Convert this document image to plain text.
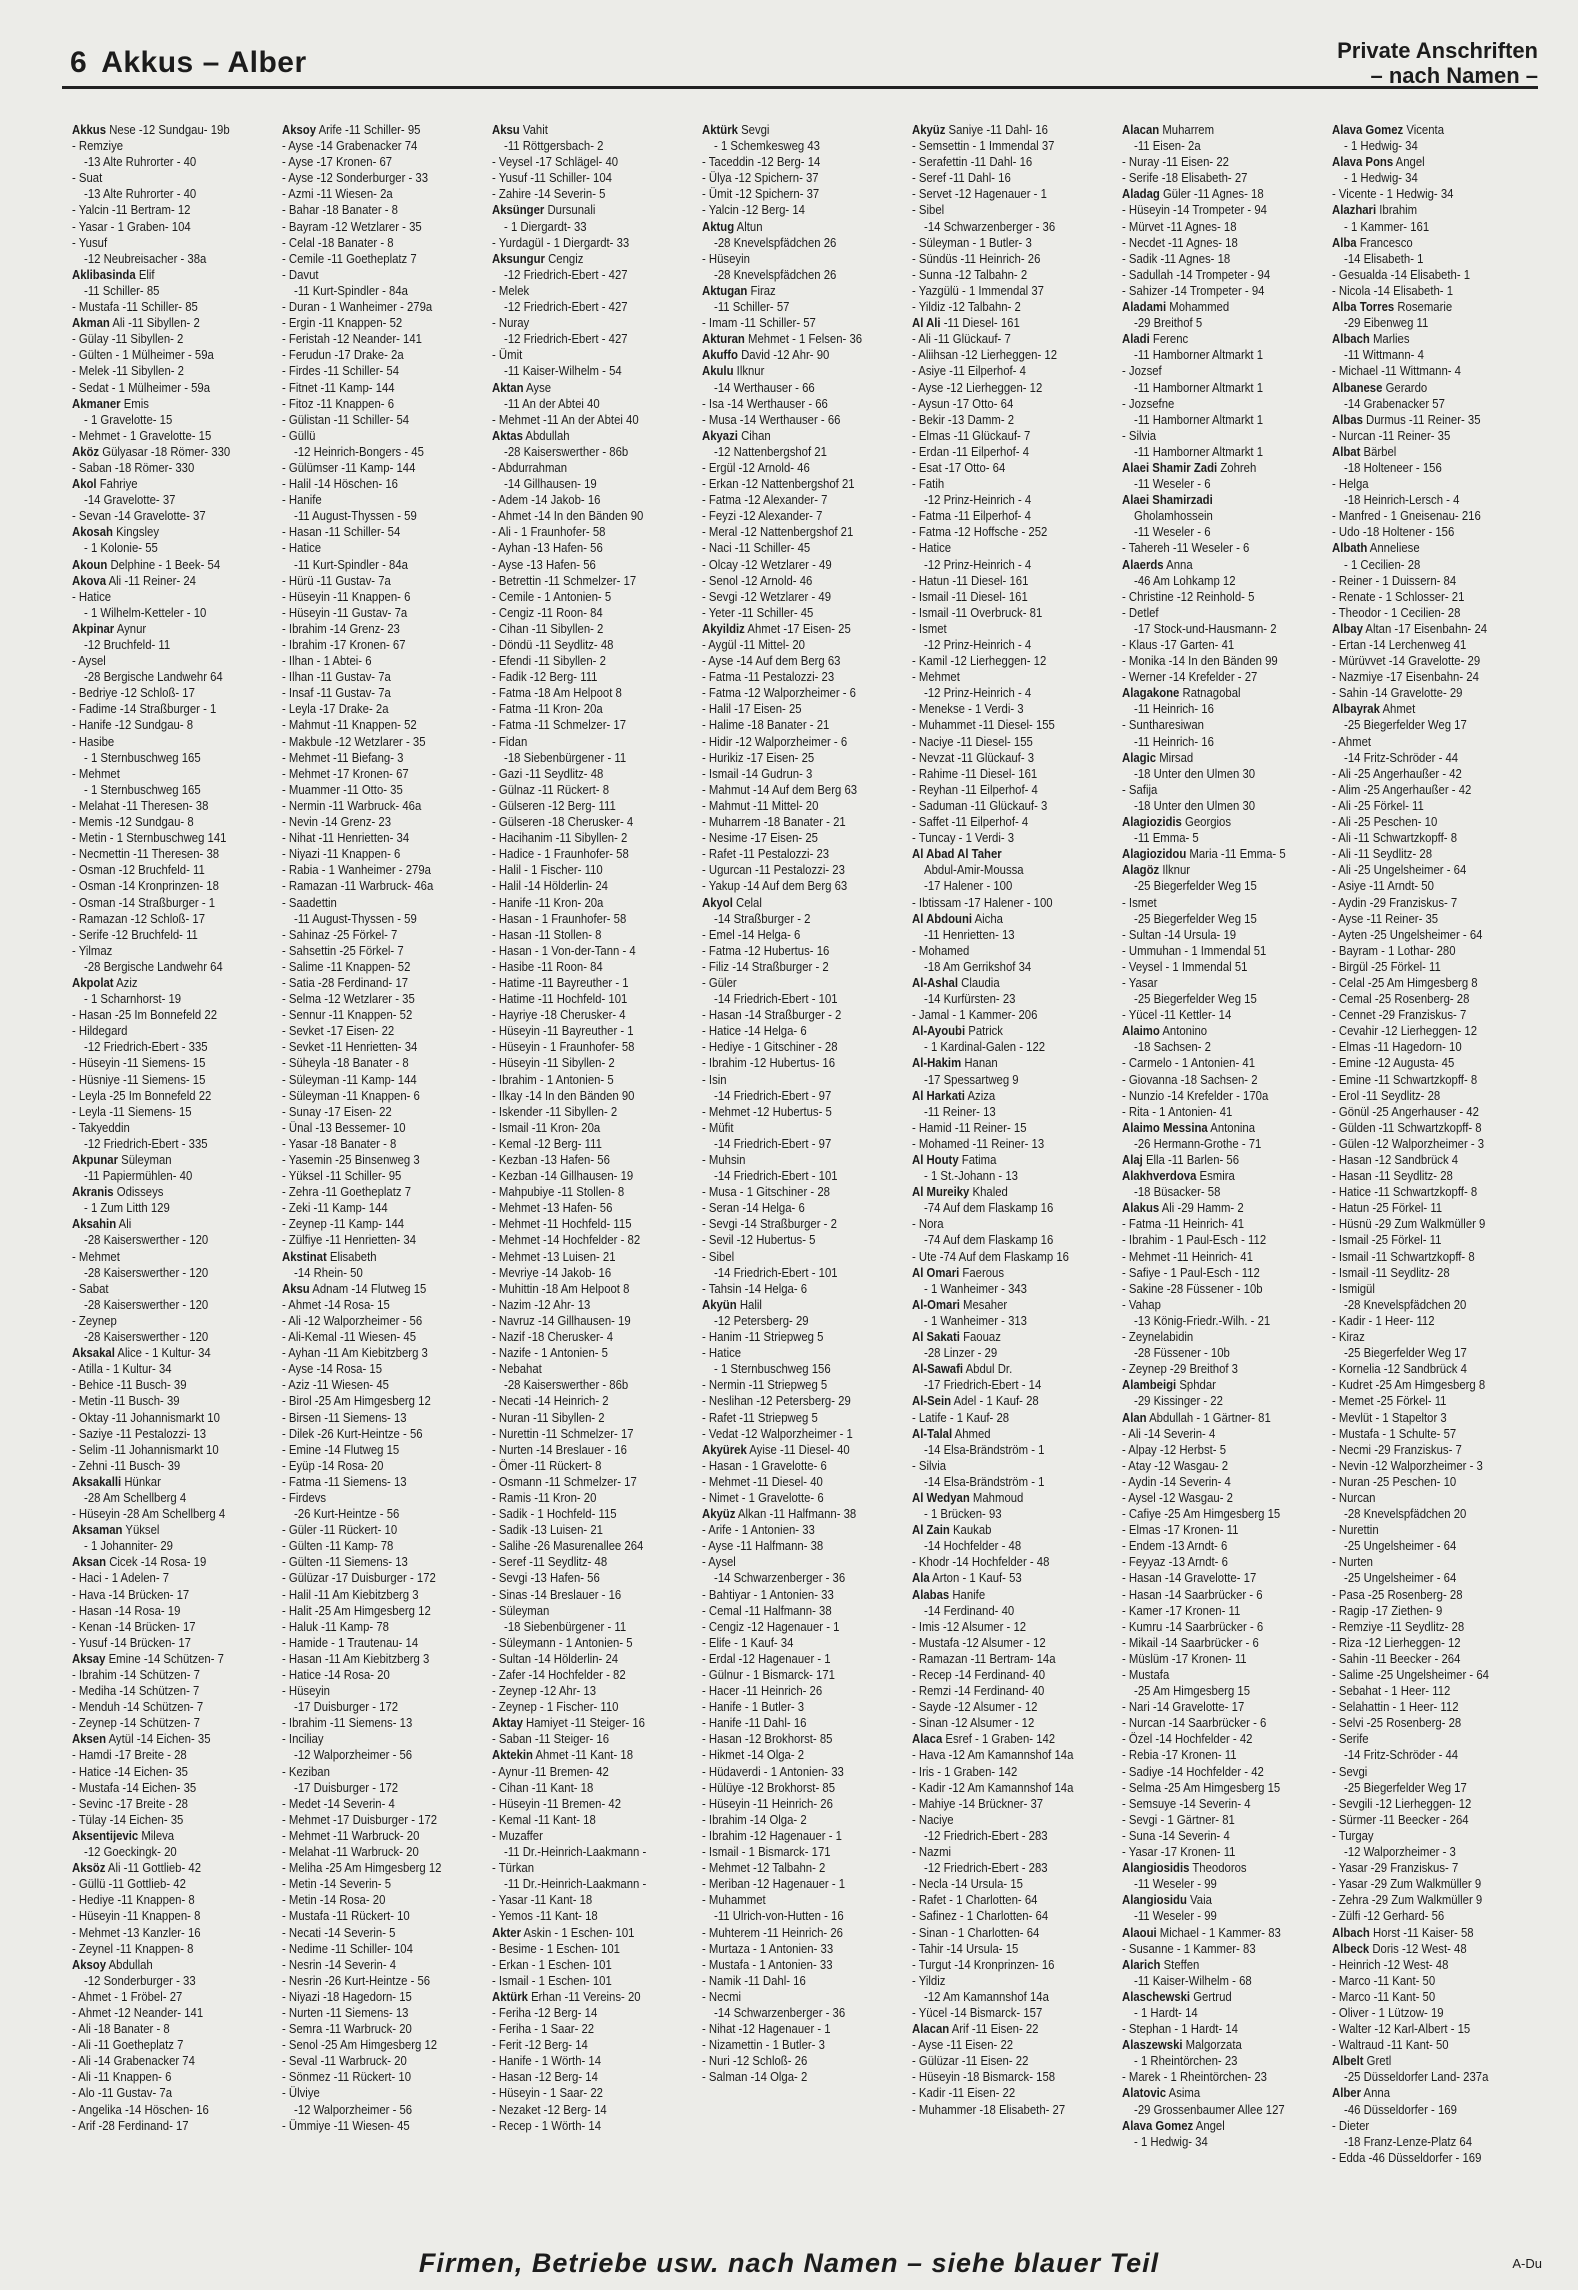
6 Akkus – Alber	Private Anschriften
– nach Namen –
Akkus Nese -12 Sundgau- 19b
- Remziye
-13 Alte Ruhrorter - 40
- Suat
-13 Alte Ruhrorter - 40
- Yalcin -11 Bertram- 12
- Yasar - 1 Graben- 104
- Yusuf
-12 Neubreisacher - 38a
Aklibasinda Elif
-11 Schiller- 85
- Mustafa -11 Schiller- 85
Akman Ali -11 Sibyllen- 2
- Gülay -11 Sibyllen- 2
- Gülten - 1 Mülheimer - 59a
- Melek -11 Sibyllen- 2
- Sedat - 1 Mülheimer - 59a
Akmaner Emis
- 1 Gravelotte- 15
- Mehmet - 1 Gravelotte- 15
Aköz Gülyasar -18 Römer- 330
- Saban -18 Römer- 330
Akol Fahriye
-14 Gravelotte- 37
- Sevan -14 Gravelotte- 37
Akosah Kingsley
- 1 Kolonie- 55
Akoun Delphine - 1 Beek- 54
Akova Ali -11 Reiner- 24
- Hatice
- 1 Wilhelm-Ketteler - 10
Akpinar Aynur
-12 Bruchfeld- 11
- Aysel
-28 Bergische Landwehr 64
- Bedriye -12 Schloß- 17
- Fadime -14 Straßburger - 1
- Hanife -12 Sundgau- 8
- Hasibe
- 1 Sternbuschweg 165
- Mehmet
- 1 Sternbuschweg 165
- Melahat -11 Theresen- 38
- Memis -12 Sundgau- 8
- Metin - 1 Sternbuschweg 141
- Necmettin -11 Theresen- 38
- Osman -12 Bruchfeld- 11
- Osman -14 Kronprinzen- 18
- Osman -14 Straßburger - 1
- Ramazan -12 Schloß- 17
- Serife -12 Bruchfeld- 11
- Yilmaz
-28 Bergische Landwehr 64
Akpolat Aziz
- 1 Scharnhorst- 19
- Hasan -25 Im Bonnefeld 22
- Hildegard
-12 Friedrich-Ebert - 335
- Hüseyin -11 Siemens- 15
- Hüsniye -11 Siemens- 15
- Leyla -25 Im Bonnefeld 22
- Leyla -11 Siemens- 15
- Takyeddin
-12 Friedrich-Ebert - 335
Akpunar Süleyman
-11 Papiermühlen- 40
Akranis Odisseys
- 1 Zum Litth 129
Aksahin Ali
-28 Kaiserswerther - 120
- Mehmet
-28 Kaiserswerther - 120
- Sabat
-28 Kaiserswerther - 120
- Zeynep
-28 Kaiserswerther - 120
Aksakal Alice - 1 Kultur- 34
- Atilla - 1 Kultur- 34
- Behice -11 Busch- 39
- Metin -11 Busch- 39
- Oktay -11 Johannismarkt 10
- Saziye -11 Pestalozzi- 13
- Selim -11 Johannismarkt 10
- Zehni -11 Busch- 39
Aksakalli Hünkar
-28 Am Schellberg 4
- Hüseyin -28 Am Schellberg 4
Aksaman Yüksel
- 1 Johanniter- 29
Aksan Cicek -14 Rosa- 19
- Haci - 1 Adelen- 7
- Hava -14 Brücken- 17
- Hasan -14 Rosa- 19
- Kenan -14 Brücken- 17
- Yusuf -14 Brücken- 17
Aksay Emine -14 Schützen- 7
- Ibrahim -14 Schützen- 7
- Mediha -14 Schützen- 7
- Menduh -14 Schützen- 7
- Zeynep -14 Schützen- 7
Aksen Aytül -14 Eichen- 35
- Hamdi -17 Breite - 28
- Hatice -14 Eichen- 35
- Mustafa -14 Eichen- 35
- Sevinc -17 Breite - 28
- Tülay -14 Eichen- 35
Aksentijevic Mileva
-12 Goeckingk- 20
Aksöz Ali -11 Gottlieb- 42
- Güllü -11 Gottlieb- 42
- Hediye -11 Knappen- 8
- Hüseyin -11 Knappen- 8
- Mehmet -13 Kanzler- 16
- Zeynel -11 Knappen- 8
Aksoy Abdullah
-12 Sonderburger - 33
- Ahmet - 1 Fröbel- 27
- Ahmet -12 Neander- 141
- Ali -18 Banater - 8
- Ali -11 Goetheplatz 7
- Ali -14 Grabenacker 74
- Ali -11 Knappen- 6
- Alo -11 Gustav- 7a
- Angelika -14 Höschen- 16
- Arif -28 Ferdinand- 17
Aksoy Arife -11 Schiller- 95
- Ayse -14 Grabenacker 74
- Ayse -17 Kronen- 67
- Ayse -12 Sonderburger - 33
- Azmi -11 Wiesen- 2a
- Bahar -18 Banater - 8
- Bayram -12 Wetzlarer - 35
- Celal -18 Banater - 8
- Cemile -11 Goetheplatz 7
- Davut
-11 Kurt-Spindler - 84a
- Duran - 1 Wanheimer - 279a
- Ergin -11 Knappen- 52
- Feristah -12 Neander- 141
- Ferudun -17 Drake- 2a
- Firdes -11 Schiller- 54
- Fitnet -11 Kamp- 144
- Fitoz -11 Knappen- 6
- Gülistan -11 Schiller- 54
- Güllü
-12 Heinrich-Bongers - 45
- Gülümser -11 Kamp- 144
- Halil -14 Höschen- 16
- Hanife
-11 August-Thyssen - 59
- Hasan -11 Schiller- 54
- Hatice
-11 Kurt-Spindler - 84a
- Hürü -11 Gustav- 7a
- Hüseyin -11 Knappen- 6
- Hüseyin -11 Gustav- 7a
- Ibrahim -14 Grenz- 23
- Ibrahim -17 Kronen- 67
- Ilhan - 1 Abtei- 6
- Ilhan -11 Gustav- 7a
- Insaf -11 Gustav- 7a
- Leyla -17 Drake- 2a
- Mahmut -11 Knappen- 52
- Makbule -12 Wetzlarer - 35
- Mehmet -11 Biefang- 3
- Mehmet -17 Kronen- 67
- Muammer -11 Otto- 35
- Nermin -11 Warbruck- 46a
- Nevin -14 Grenz- 23
- Nihat -11 Henrietten- 34
- Niyazi -11 Knappen- 6
- Rabia - 1 Wanheimer - 279a
- Ramazan -11 Warbruck- 46a
- Saadettin
-11 August-Thyssen - 59
- Sahinaz -25 Förkel- 7
- Sahsettin -25 Förkel- 7
- Salime -11 Knappen- 52
- Satia -28 Ferdinand- 17
- Selma -12 Wetzlarer - 35
- Sennur -11 Knappen- 52
- Sevket -17 Eisen- 22
- Sevket -11 Henrietten- 34
- Süheyla -18 Banater - 8
- Süleyman -11 Kamp- 144
- Süleyman -11 Knappen- 6
- Sunay -17 Eisen- 22
- Ünal -13 Bessemer- 10
- Yasar -18 Banater - 8
- Yasemin -25 Binsenweg 3
- Yüksel -11 Schiller- 95
- Zehra -11 Goetheplatz 7
- Zeki -11 Kamp- 144
- Zeynep -11 Kamp- 144
- Zülfiye -11 Henrietten- 34
Akstinat Elisabeth
-14 Rhein- 50
Aksu Adnam -14 Flutweg 15
- Ahmet -14 Rosa- 15
- Ali -12 Walporzheimer - 56
- Ali-Kemal -11 Wiesen- 45
- Ayhan -11 Am Kiebitzberg 3
- Ayse -14 Rosa- 15
- Aziz -11 Wiesen- 45
- Birol -25 Am Himgesberg 12
- Birsen -11 Siemens- 13
- Dilek -26 Kurt-Heintze - 56
- Emine -14 Flutweg 15
- Eyüp -14 Rosa- 20
- Fatma -11 Siemens- 13
- Firdevs
-26 Kurt-Heintze - 56
- Güler -11 Rückert- 10
- Gülten -11 Kamp- 78
- Gülten -11 Siemens- 13
- Gülüzar -17 Duisburger - 172
- Halil -11 Am Kiebitzberg 3
- Halit -25 Am Himgesberg 12
- Haluk -11 Kamp- 78
- Hamide - 1 Trautenau- 14
- Hasan -11 Am Kiebitzberg 3
- Hatice -14 Rosa- 20
- Hüseyin
-17 Duisburger - 172
- Ibrahim -11 Siemens- 13
- Inciliay
-12 Walporzheimer - 56
- Keziban
-17 Duisburger - 172
- Medet -14 Severin- 4
- Mehmet -17 Duisburger - 172
- Mehmet -11 Warbruck- 20
- Melahat -11 Warbruck- 20
- Meliha -25 Am Himgesberg 12
- Metin -14 Severin- 5
- Metin -14 Rosa- 20
- Mustafa -11 Rückert- 10
- Necati -14 Severin- 5
- Nedime -11 Schiller- 104
- Nesrin -14 Severin- 4
- Nesrin -26 Kurt-Heintze - 56
- Niyazi -18 Hagedorn- 15
- Nurten -11 Siemens- 13
- Semra -11 Warbruck- 20
- Senol -25 Am Himgesberg 12
- Seval -11 Warbruck- 20
- Sönmez -11 Rückert- 10
- Ülviye
-12 Walporzheimer - 56
- Ümmiye -11 Wiesen- 45
Aksu Vahit
-11 Röttgersbach- 2
- Veysel -17 Schlägel- 40
- Yusuf -11 Schiller- 104
- Zahire -14 Severin- 5
Aksünger Dursunali
- 1 Diergardt- 33
- Yurdagül - 1 Diergardt- 33
Aksungur Cengiz
-12 Friedrich-Ebert - 427
- Melek
-12 Friedrich-Ebert - 427
- Nuray
-12 Friedrich-Ebert - 427
- Ümit
-11 Kaiser-Wilhelm - 54
Aktan Ayse
-11 An der Abtei 40
- Mehmet -11 An der Abtei 40
Aktas Abdullah
-28 Kaiserswerther - 86b
- Abdurrahman
-14 Gillhausen- 19
- Adem -14 Jakob- 16
- Ahmet -14 In den Bänden 90
- Ali - 1 Fraunhofer- 58
- Ayhan -13 Hafen- 56
- Ayse -13 Hafen- 56
- Betrettin -11 Schmelzer- 17
- Cemile - 1 Antonien- 5
- Cengiz -11 Roon- 84
- Cihan -11 Sibyllen- 2
- Döndü -11 Seydlitz- 48
- Efendi -11 Sibyllen- 2
- Fadik -12 Berg- 111
- Fatma -18 Am Helpoot 8
- Fatma -11 Kron- 20a
- Fatma -11 Schmelzer- 17
- Fidan
-18 Siebenbürgener - 11
- Gazi -11 Seydlitz- 48
- Gülnaz -11 Rückert- 8
- Gülseren -12 Berg- 111
- Gülseren -18 Cherusker- 4
- Hacihanim -11 Sibyllen- 2
- Hadice - 1 Fraunhofer- 58
- Halil - 1 Fischer- 110
- Halil -14 Hölderlin- 24
- Hanife -11 Kron- 20a
- Hasan - 1 Fraunhofer- 58
- Hasan -11 Stollen- 8
- Hasan - 1 Von-der-Tann - 4
- Hasibe -11 Roon- 84
- Hatime -11 Bayreuther - 1
- Hatime -11 Hochfeld- 101
- Hayriye -18 Cherusker- 4
- Hüseyin -11 Bayreuther - 1
- Hüseyin - 1 Fraunhofer- 58
- Hüseyin -11 Sibyllen- 2
- Ibrahim - 1 Antonien- 5
- Ilkay -14 In den Bänden 90
- Iskender -11 Sibyllen- 2
- Ismail -11 Kron- 20a
- Kemal -12 Berg- 111
- Kezban -13 Hafen- 56
- Kezban -14 Gillhausen- 19
- Mahpubiye -11 Stollen- 8
- Mehmet -13 Hafen- 56
- Mehmet -11 Hochfeld- 115
- Mehmet -14 Hochfelder - 82
- Mehmet -13 Luisen- 21
- Mevriye -14 Jakob- 16
- Muhittin -18 Am Helpoot 8
- Nazim -12 Ahr- 13
- Navruz -14 Gillhausen- 19
- Nazif -18 Cherusker- 4
- Nazife - 1 Antonien- 5
- Nebahat
-28 Kaiserswerther - 86b
- Necati -14 Heinrich- 2
- Nuran -11 Sibyllen- 2
- Nurettin -11 Schmelzer- 17
- Nurten -14 Breslauer - 16
- Ömer -11 Rückert- 8
- Osmann -11 Schmelzer- 17
- Ramis -11 Kron- 20
- Sadik - 1 Hochfeld- 115
- Sadik -13 Luisen- 21
- Salihe -26 Masurenallee 264
- Seref -11 Seydlitz- 48
- Sevgi -13 Hafen- 56
- Sinas -14 Breslauer - 16
- Süleyman
-18 Siebenbürgener - 11
- Süleymann - 1 Antonien- 5
- Sultan -14 Hölderlin- 24
- Zafer -14 Hochfelder - 82
- Zeynep -12 Ahr- 13
- Zeynep - 1 Fischer- 110
Aktay Hamiyet -11 Steiger- 16
- Saban -11 Steiger- 16
Aktekin Ahmet -11 Kant- 18
- Aynur -11 Bremen- 42
- Cihan -11 Kant- 18
- Hüseyin -11 Bremen- 42
- Kemal -11 Kant- 18
- Muzaffer
-11 Dr.-Heinrich-Laakmann -
- Türkan
-11 Dr.-Heinrich-Laakmann -
- Yasar -11 Kant- 18
- Yemos -11 Kant- 18
Akter Askin - 1 Eschen- 101
- Besime - 1 Eschen- 101
- Erkan - 1 Eschen- 101
- Ismail - 1 Eschen- 101
Aktürk Erhan -11 Vereins- 20
- Feriha -12 Berg- 14
- Feriha - 1 Saar- 22
- Ferit -12 Berg- 14
- Hanife - 1 Wörth- 14
- Hasan -12 Berg- 14
- Hüseyin - 1 Saar- 22
- Nezaket -12 Berg- 14
- Recep - 1 Wörth- 14
Aktürk Sevgi
- 1 Schemkesweg 43
- Taceddin -12 Berg- 14
- Ülya -12 Spichern- 37
- Ümit -12 Spichern- 37
- Yalcin -12 Berg- 14
Aktug Altun
-28 Knevelspfädchen 26
- Hüseyin
-28 Knevelspfädchen 26
Aktugan Firaz
-11 Schiller- 57
- Imam -11 Schiller- 57
Akturan Mehmet - 1 Felsen- 36
Akuffo David -12 Ahr- 90
Akulu Ilknur
-14 Werthauser - 66
- Isa -14 Werthauser - 66
- Musa -14 Werthauser - 66
Akyazi Cihan
-12 Nattenbergshof 21
- Ergül -12 Arnold- 46
- Erkan -12 Nattenbergshof 21
- Fatma -12 Alexander- 7
- Feyzi -12 Alexander- 7
- Meral -12 Nattenbergshof 21
- Naci -11 Schiller- 45
- Olcay -12 Wetzlarer - 49
- Senol -12 Arnold- 46
- Sevgi -12 Wetzlarer - 49
- Yeter -11 Schiller- 45
Akyildiz Ahmet -17 Eisen- 25
- Aygül -11 Mittel- 20
- Ayse -14 Auf dem Berg 63
- Fatma -11 Pestalozzi- 23
- Fatma -12 Walporzheimer - 6
- Halil -17 Eisen- 25
- Halime -18 Banater - 21
- Hidir -12 Walporzheimer - 6
- Hurikiz -17 Eisen- 25
- Ismail -14 Gudrun- 3
- Mahmut -14 Auf dem Berg 63
- Mahmut -11 Mittel- 20
- Muharrem -18 Banater - 21
- Nesime -17 Eisen- 25
- Rafet -11 Pestalozzi- 23
- Ugurcan -11 Pestalozzi- 23
- Yakup -14 Auf dem Berg 63
Akyol Celal
-14 Straßburger - 2
- Emel -14 Helga- 6
- Fatma -12 Hubertus- 16
- Filiz -14 Straßburger - 2
- Güler
-14 Friedrich-Ebert - 101
- Hasan -14 Straßburger - 2
- Hatice -14 Helga- 6
- Hediye - 1 Gitschiner - 28
- Ibrahim -12 Hubertus- 16
- Isin
-14 Friedrich-Ebert - 97
- Mehmet -12 Hubertus- 5
- Müfit
-14 Friedrich-Ebert - 97
- Muhsin
-14 Friedrich-Ebert - 101
- Musa - 1 Gitschiner - 28
- Seran -14 Helga- 6
- Sevgi -14 Straßburger - 2
- Sevil -12 Hubertus- 5
- Sibel
-14 Friedrich-Ebert - 101
- Tahsin -14 Helga- 6
Akyün Halil
-12 Petersberg- 29
- Hanim -11 Striepweg 5
- Hatice
- 1 Sternbuschweg 156
- Nermin -11 Striepweg 5
- Neslihan -12 Petersberg- 29
- Rafet -11 Striepweg 5
- Vedat -12 Walporzheimer - 1
Akyürek Ayise -11 Diesel- 40
- Hasan - 1 Gravelotte- 6
- Mehmet -11 Diesel- 40
- Nimet - 1 Gravelotte- 6
Akyüz Alkan -11 Halfmann- 38
- Arife - 1 Antonien- 33
- Ayse -11 Halfmann- 38
- Aysel
-14 Schwarzenberger - 36
- Bahtiyar - 1 Antonien- 33
- Cemal -11 Halfmann- 38
- Cengiz -12 Hagenauer - 1
- Elife - 1 Kauf- 34
- Erdal -12 Hagenauer - 1
- Gülnur - 1 Bismarck- 171
- Hacer -11 Heinrich- 26
- Hanife - 1 Butler- 3
- Hanife -11 Dahl- 16
- Hasan -12 Brokhorst- 85
- Hikmet -14 Olga- 2
- Hüdaverdi - 1 Antonien- 33
- Hülüye -12 Brokhorst- 85
- Hüseyin -11 Heinrich- 26
- Ibrahim -14 Olga- 2
- Ibrahim -12 Hagenauer - 1
- Ismail - 1 Bismarck- 171
- Mehmet -12 Talbahn- 2
- Meriban -12 Hagenauer - 1
- Muhammet
-11 Ulrich-von-Hutten - 16
- Muhterem -11 Heinrich- 26
- Murtaza - 1 Antonien- 33
- Mustafa - 1 Antonien- 33
- Namik -11 Dahl- 16
- Necmi
-14 Schwarzenberger - 36
- Nihat -12 Hagenauer - 1
- Nizamettin - 1 Butler- 3
- Nuri -12 Schloß- 26
- Salman -14 Olga- 2
Akyüz Saniye -11 Dahl- 16
- Semsettin - 1 Immendal 37
- Serafettin -11 Dahl- 16
- Seref -11 Dahl- 16
- Servet -12 Hagenauer - 1
- Sibel
-14 Schwarzenberger - 36
- Süleyman - 1 Butler- 3
- Sündüs -11 Heinrich- 26
- Sunna -12 Talbahn- 2
- Yazgülü - 1 Immendal 37
- Yildiz -12 Talbahn- 2
Al Ali -11 Diesel- 161
- Ali -11 Glückauf- 7
- Aliihsan -12 Lierheggen- 12
- Asiye -11 Eilperhof- 4
- Ayse -12 Lierheggen- 12
- Aysun -17 Otto- 64
- Bekir -13 Damm- 2
- Elmas -11 Glückauf- 7
- Erdan -11 Eilperhof- 4
- Esat -17 Otto- 64
- Fatih
-12 Prinz-Heinrich - 4
- Fatma -11 Eilperhof- 4
- Fatma -12 Hoffsche - 252
- Hatice
-12 Prinz-Heinrich - 4
- Hatun -11 Diesel- 161
- Ismail -11 Diesel- 161
- Ismail -11 Overbruck- 81
- Ismet
-12 Prinz-Heinrich - 4
- Kamil -12 Lierheggen- 12
- Mehmet
-12 Prinz-Heinrich - 4
- Menekse - 1 Verdi- 3
- Muhammet -11 Diesel- 155
- Naciye -11 Diesel- 155
- Nevzat -11 Glückauf- 3
- Rahime -11 Diesel- 161
- Reyhan -11 Eilperhof- 4
- Saduman -11 Glückauf- 3
- Saffet -11 Eilperhof- 4
- Tuncay - 1 Verdi- 3
Al Abad Al Taher
Abdul-Amir-Moussa
-17 Halener - 100
- Ibtissam -17 Halener - 100
Al Abdouni Aicha
-11 Henrietten- 13
- Mohamed
-18 Am Gerrikshof 34
Al-Ashal Claudia
-14 Kurfürsten- 23
- Jamal - 1 Kammer- 206
Al-Ayoubi Patrick
- 1 Kardinal-Galen - 122
Al-Hakim Hanan
-17 Spessartweg 9
Al Harkati Aziza
-11 Reiner- 13
- Hamid -11 Reiner- 15
- Mohamed -11 Reiner- 13
Al Houty Fatima
- 1 St.-Johann - 13
Al Mureiky Khaled
-74 Auf dem Flaskamp 16
- Nora
-74 Auf dem Flaskamp 16
- Ute -74 Auf dem Flaskamp 16
Al Omari Faerous
- 1 Wanheimer - 343
Al-Omari Mesaher
- 1 Wanheimer - 313
Al Sakati Faouaz
-28 Linzer - 29
Al-Sawafi Abdul Dr.
-17 Friedrich-Ebert - 14
Al-Sein Adel - 1 Kauf- 28
- Latife - 1 Kauf- 28
Al-Talal Ahmed
-14 Elsa-Brändström - 1
- Silvia
-14 Elsa-Brändström - 1
Al Wedyan Mahmoud
- 1 Brücken- 93
Al Zain Kaukab
-14 Hochfelder - 48
- Khodr -14 Hochfelder - 48
Ala Arton - 1 Kauf- 53
Alabas Hanife
-14 Ferdinand- 40
- Imis -12 Alsumer - 12
- Mustafa -12 Alsumer - 12
- Ramazan -11 Bertram- 14a
- Recep -14 Ferdinand- 40
- Remzi -14 Ferdinand- 40
- Sayde -12 Alsumer - 12
- Sinan -12 Alsumer - 12
Alaca Esref - 1 Graben- 142
- Hava -12 Am Kamannshof 14a
- Iris - 1 Graben- 142
- Kadir -12 Am Kamannshof 14a
- Mahiye -14 Brückner- 37
- Naciye
-12 Friedrich-Ebert - 283
- Nazmi
-12 Friedrich-Ebert - 283
- Necla -14 Ursula- 15
- Rafet - 1 Charlotten- 64
- Safinez - 1 Charlotten- 64
- Sinan - 1 Charlotten- 64
- Tahir -14 Ursula- 15
- Turgut -14 Kronprinzen- 16
- Yildiz
-12 Am Kamannshof 14a
- Yücel -14 Bismarck- 157
Alacan Arif -11 Eisen- 22
- Ayse -11 Eisen- 22
- Gülüzar -11 Eisen- 22
- Hüseyin -18 Bismarck- 158
- Kadir -11 Eisen- 22
- Muhammer -18 Elisabeth- 27
Alacan Muharrem
-11 Eisen- 2a
- Nuray -11 Eisen- 22
- Serife -18 Elisabeth- 27
Aladag Güler -11 Agnes- 18
- Hüseyin -14 Trompeter - 94
- Mürvet -11 Agnes- 18
- Necdet -11 Agnes- 18
- Sadik -11 Agnes- 18
- Sadullah -14 Trompeter - 94
- Sahizer -14 Trompeter - 94
Aladami Mohammed
-29 Breithof 5
Aladi Ferenc
-11 Hamborner Altmarkt 1
- Jozsef
-11 Hamborner Altmarkt 1
- Jozsefne
-11 Hamborner Altmarkt 1
- Silvia
-11 Hamborner Altmarkt 1
Alaei Shamir Zadi Zohreh
-11 Weseler - 6
Alaei Shamirzadi
Gholamhossein
-11 Weseler - 6
- Tahereh -11 Weseler - 6
Alaerds Anna
-46 Am Lohkamp 12
- Christine -12 Reinhold- 5
- Detlef
-17 Stock-und-Hausmann- 2
- Klaus -17 Garten- 41
- Monika -14 In den Bänden 99
- Werner -14 Krefelder - 27
Alagakone Ratnagobal
-11 Heinrich- 16
- Suntharesiwan
-11 Heinrich- 16
Alagic Mirsad
-18 Unter den Ulmen 30
- Safija
-18 Unter den Ulmen 30
Alagiozidis Georgios
-11 Emma- 5
Alagiozidou Maria -11 Emma- 5
Alagöz Ilknur
-25 Biegerfelder Weg 15
- Ismet
-25 Biegerfelder Weg 15
- Sultan -14 Ursula- 19
- Ummuhan - 1 Immendal 51
- Veysel - 1 Immendal 51
- Yasar
-25 Biegerfelder Weg 15
- Yücel -11 Kettler- 14
Alaimo Antonino
-18 Sachsen- 2
- Carmelo - 1 Antonien- 41
- Giovanna -18 Sachsen- 2
- Nunzio -14 Krefelder - 170a
- Rita - 1 Antonien- 41
Alaimo Messina Antonina
-26 Hermann-Grothe - 71
Alaj Ella -11 Barlen- 56
Alakhverdova Esmira
-18 Büsacker- 58
Alakus Ali -29 Hamm- 2
- Fatma -11 Heinrich- 41
- Ibrahim - 1 Paul-Esch - 112
- Mehmet -11 Heinrich- 41
- Safiye - 1 Paul-Esch - 112
- Sakine -28 Füssener - 10b
- Vahap
-13 König-Friedr.-Wilh. - 21
- Zeynelabidin
-28 Füssener - 10b
- Zeynep -29 Breithof 3
Alambeigi Sphdar
-29 Kissinger - 22
Alan Abdullah - 1 Gärtner- 81
- Ali -14 Severin- 4
- Alpay -12 Herbst- 5
- Atay -12 Wasgau- 2
- Aydin -14 Severin- 4
- Aysel -12 Wasgau- 2
- Cafiye -25 Am Himgesberg 15
- Elmas -17 Kronen- 11
- Endem -13 Arndt- 6
- Feyyaz -13 Arndt- 6
- Hasan -14 Gravelotte- 17
- Hasan -14 Saarbrücker - 6
- Kamer -17 Kronen- 11
- Kumru -14 Saarbrücker - 6
- Mikail -14 Saarbrücker - 6
- Müslüm -17 Kronen- 11
- Mustafa
-25 Am Himgesberg 15
- Nari -14 Gravelotte- 17
- Nurcan -14 Saarbrücker - 6
- Özel -14 Hochfelder - 42
- Rebia -17 Kronen- 11
- Sadiye -14 Hochfelder - 42
- Selma -25 Am Himgesberg 15
- Semsuye -14 Severin- 4
- Sevgi - 1 Gärtner- 81
- Suna -14 Severin- 4
- Yasar -17 Kronen- 11
Alangiosidis Theodoros
-11 Weseler - 99
Alangiosidu Vaia
-11 Weseler - 99
Alaoui Michael - 1 Kammer- 83
- Susanne - 1 Kammer- 83
Alarich Steffen
-11 Kaiser-Wilhelm - 68
Alaschewski Gertrud
- 1 Hardt- 14
- Stephan - 1 Hardt- 14
Alaszewski Malgorzata
- 1 Rheintörchen- 23
- Marek - 1 Rheintörchen- 23
Alatovic Asima
-29 Grossenbaumer Allee 127
Alava Gomez Angel
- 1 Hedwig- 34
Alava Gomez Vicenta
- 1 Hedwig- 34
Alava Pons Angel
- 1 Hedwig- 34
- Vicente - 1 Hedwig- 34
Alazhari Ibrahim
- 1 Kammer- 161
Alba Francesco
-14 Elisabeth- 1
- Gesualda -14 Elisabeth- 1
- Nicola -14 Elisabeth- 1
Alba Torres Rosemarie
-29 Eibenweg 11
Albach Marlies
-11 Wittmann- 4
- Michael -11 Wittmann- 4
Albanese Gerardo
-14 Grabenacker 57
Albas Durmus -11 Reiner- 35
- Nurcan -11 Reiner- 35
Albat Bärbel
-18 Holteneer - 156
- Helga
-18 Heinrich-Lersch - 4
- Manfred - 1 Gneisenau- 216
- Udo -18 Holtener - 156
Albath Anneliese
- 1 Cecilien- 28
- Reiner - 1 Duissern- 84
- Renate - 1 Schlosser- 21
- Theodor - 1 Cecilien- 28
Albay Altan -17 Eisenbahn- 24
- Ertan -14 Lerchenweg 41
- Mürüvvet -14 Gravelotte- 29
- Nazmiye -17 Eisenbahn- 24
- Sahin -14 Gravelotte- 29
Albayrak Ahmet
-25 Biegerfelder Weg 17
- Ahmet
-14 Fritz-Schröder - 44
- Ali -25 Angerhaußer - 42
- Alim -25 Angerhaußer - 42
- Ali -25 Förkel- 11
- Ali -25 Peschen- 10
- Ali -11 Schwartzkopff- 8
- Ali -11 Seydlitz- 28
- Ali -25 Ungelsheimer - 64
- Asiye -11 Arndt- 50
- Aydin -29 Franziskus- 7
- Ayse -11 Reiner- 35
- Ayten -25 Ungelsheimer - 64
- Bayram - 1 Lothar- 280
- Birgül -25 Förkel- 11
- Celal -25 Am Himgesberg 8
- Cemal -25 Rosenberg- 28
- Cennet -29 Franziskus- 7
- Cevahir -12 Lierheggen- 12
- Elmas -11 Hagedorn- 10
- Emine -12 Augusta- 45
- Emine -11 Schwartzkopff- 8
- Erol -11 Seydlitz- 28
- Gönül -25 Angerhauser - 42
- Gülden -11 Schwartzkopff- 8
- Gülen -12 Walporzheimer - 3
- Hasan -12 Sandbrück 4
- Hasan -11 Seydlitz- 28
- Hatice -11 Schwartzkopff- 8
- Hatun -25 Förkel- 11
- Hüsnü -29 Zum Walkmüller 9
- Ismail -25 Förkel- 11
- Ismail -11 Schwartzkopff- 8
- Ismail -11 Seydlitz- 28
- Ismigül
-28 Knevelspfädchen 20
- Kadir - 1 Heer- 112
- Kiraz
-25 Biegerfelder Weg 17
- Kornelia -12 Sandbrück 4
- Kudret -25 Am Himgesberg 8
- Memet -25 Förkel- 11
- Mevlüt - 1 Stapeltor 3
- Mustafa - 1 Schulte- 57
- Necmi -29 Franziskus- 7
- Nevin -12 Walporzheimer - 3
- Nuran -25 Peschen- 10
- Nurcan
-28 Knevelspfädchen 20
- Nurettin
-25 Ungelsheimer - 64
- Nurten
-25 Ungelsheimer - 64
- Pasa -25 Rosenberg- 28
- Ragip -17 Ziethen- 9
- Remziye -11 Seydlitz- 28
- Riza -12 Lierheggen- 12
- Sahin -11 Beecker - 264
- Salime -25 Ungelsheimer - 64
- Sebahat - 1 Heer- 112
- Selahattin - 1 Heer- 112
- Selvi -25 Rosenberg- 28
- Serife
-14 Fritz-Schröder - 44
- Sevgi
-25 Biegerfelder Weg 17
- Sevgili -12 Lierheggen- 12
- Sürmer -11 Beecker - 264
- Turgay
-12 Walporzheimer - 3
- Yasar -29 Franziskus- 7
- Yasar -29 Zum Walkmüller 9
- Zehra -29 Zum Walkmüller 9
- Zülfi -12 Gerhard- 56
Albach Horst -11 Kaiser- 58
Albeck Doris -12 West- 48
- Heinrich -12 West- 48
- Marco -11 Kant- 50
- Marco -11 Kant- 50
- Oliver - 1 Lützow- 19
- Walter -12 Karl-Albert - 15
- Waltraud -11 Kant- 50
Albelt Gretl
-25 Düsseldorfer Land- 237a
Alber Anna
-46 Düsseldorfer - 169
- Dieter
-18 Franz-Lenze-Platz 64
- Edda -46 Düsseldorfer - 169
Firmen, Betriebe usw. nach Namen – siehe blauer Teil	A-Du
